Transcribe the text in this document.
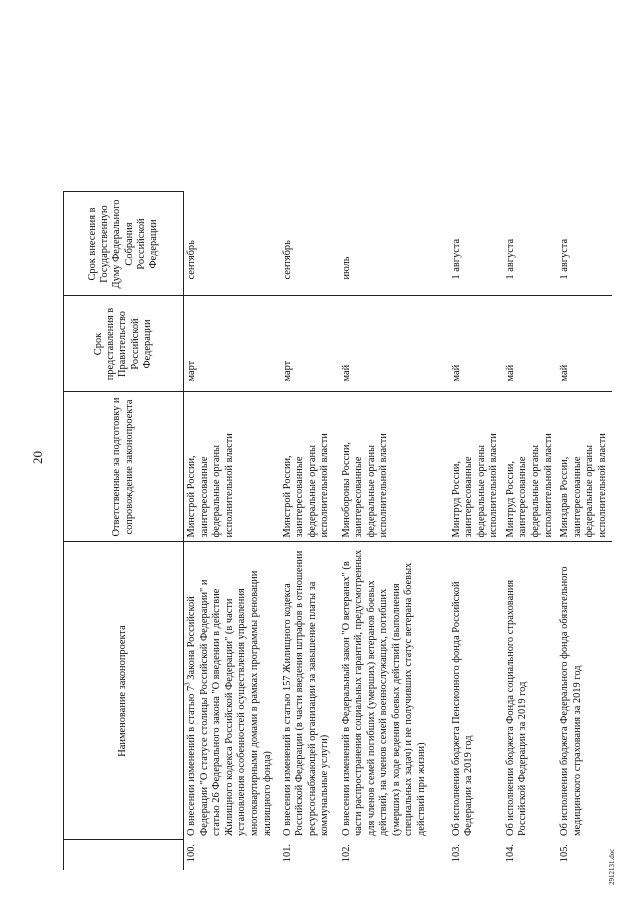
20
	Наименование законопроекта	Ответственные за подготовку и сопровождение законопроекта	Срок представления в Правительство Российской Федерации	Срок внесения в Государственную Думу Федерального Собрания Российской Федерации	
100.	О внесении изменений в статью $7^3$ Закона Российской Федерации "О статусе столицы Российской Федерации" и статью 26 Федерального закона "О введении в действие Жилищного кодекса Российской Федерации" (в части установления особенностей осуществления управления многоквартирными домами в рамках программы реновации жилищного фонда)	Минстрой России, заинтересованные федеральные органы исполнительной власти	март	сентябрь	
101.	О внесении изменений в статью 157 Жилищного кодекса Российской Федерации (в части введения штрафов в отношении ресурсоснабжающей организации за завышение платы за коммунальные услуги)	Минстрой России, заинтересованные федеральные органы исполнительной власти	март	сентябрь	
102.	О внесении изменений в Федеральный закон "О ветеранах" (в части распространения социальных гарантий, предусмотренных для членов семей погибших (умерших) ветеранов боевых действий, на членов семей военнослужащих, погибших (умерших) в ходе ведения боевых действий (выполнения специальных задач) и не получивших статус ветерана боевых действий при жизни)	Минобороны России, заинтересованные федеральные органы исполнительной власти	май	июль	
103.	Об исполнении бюджета Пенсионного фонда Российской Федерации за 2019 год	Минтруд России, заинтересованные федеральные органы исполнительной власти	май	1 августа	
104.	Об исполнении бюджета Фонда социального страхования Российской Федерации за 2019 год	Минтруд России, заинтересованные федеральные органы исполнительной власти	май	1 августа	
105.	Об исполнении бюджета Федерального фонда обязательного медицинского страхования за 2019 год	Минздрав России, заинтересованные федеральные органы исполнительной власти	май	1 августа	
2912131.doc
